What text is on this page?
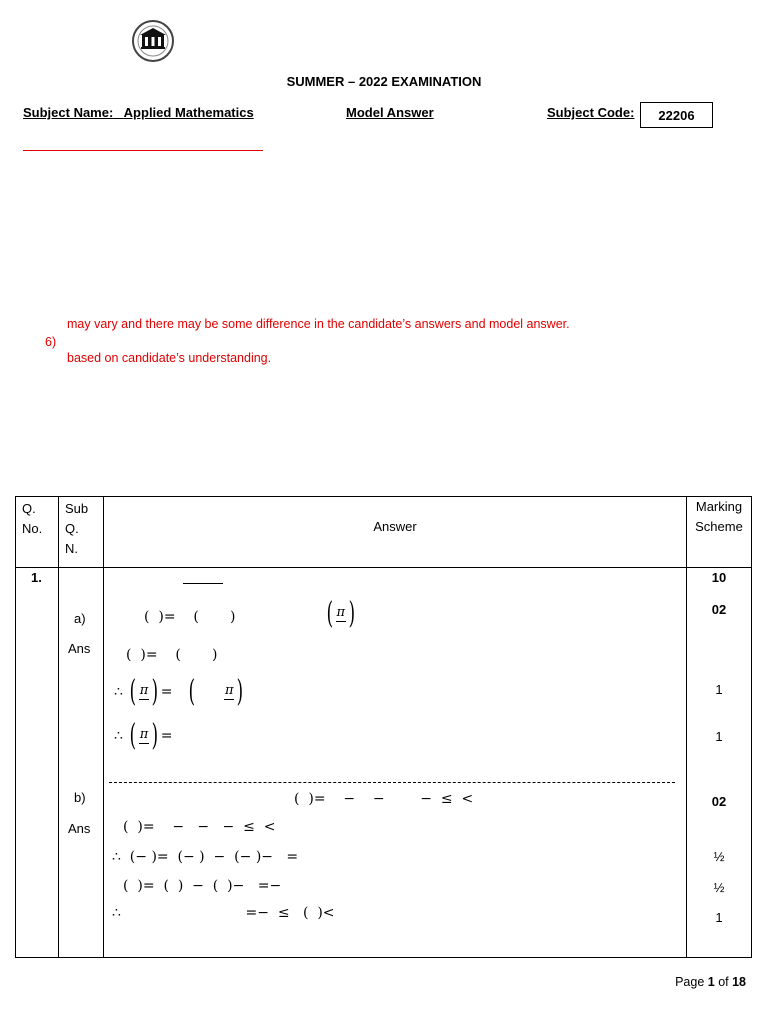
SUMMER – 2022 EXAMINATION
Subject Name: Applied Mathematics	Model Answer	Subject Code:	22206
may vary and there may be some difference in the candidate’s answers and model answer.
6)
based on candidate’s understanding.
Q. No.
Sub Q. N.
Answer
Marking Scheme
1.	10
a)
02
(  )=    (       )	( π )
Ans	(  )=    (       )
∴ ( π ) =   ( π )	1
∴ ( π ) =	1
b)	02
(  )=    −    −        −  ≤  <
Ans (  )=    −   −   −  ≤  <
∴  (− )=  (− )  −  (− )−   =	½
(  )=  (  )  −  (  )−   =−	½
∴                            =−  ≤   (  )<	1
Page 1 of 18
